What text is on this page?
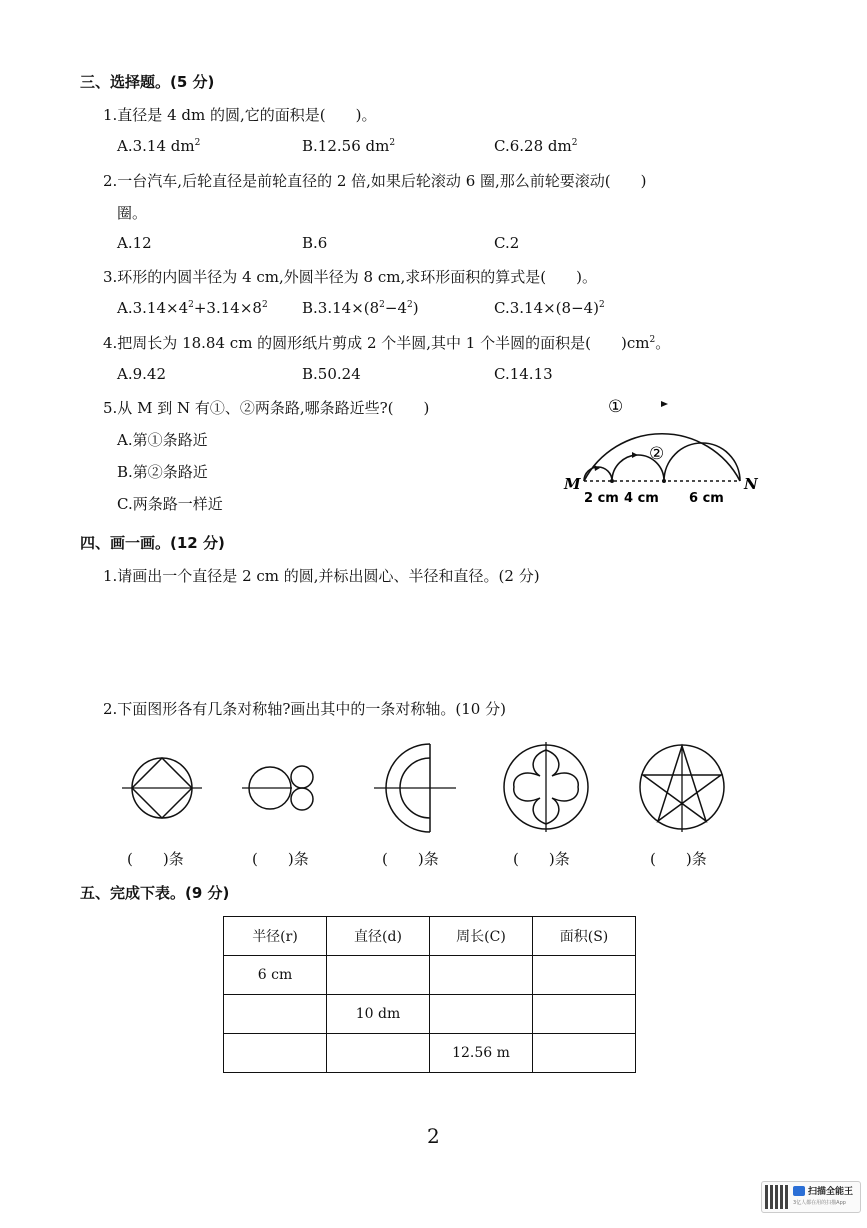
三、选择题。(5 分)
1.直径是 4 dm 的圆,它的面积是(　　)。
A.3.14 $dm^2$	B.12.56 $dm^2$	C.6.28 $dm^2$
2.一台汽车,后轮直径是前轮直径的 2 倍,如果后轮滚动 6 圈,那么前轮要滚动(　　)
圈。
A.12	B.6	C.2
3.环形的内圆半径为 4 cm,外圆半径为 8 cm,求环形面积的算式是(　　)。
$A.3.14\times 4^2+3.14\times 8^2$ $B.3.14\times(8^2-4^2)$	$C.3.14\times(8-4)^2$
4.把周长为 18.84 cm 的圆形纸片剪成 2 个半圆,其中 1 个半圆的面积是(　　)$cm^2$。
A.9.42	B.50.24	C.14.13
5.从 M 到 N 有①、②两条路,哪条路近些?(　　)
A.第①条路近
B.第②条路近
C.两条路一样近
①
②
M	N
2 cm 4 cm 6 cm
四、画一画。(12 分)
1.请画出一个直径是 2 cm 的圆,并标出圆心、半径和直径。(2 分)
2.下面图形各有几条对称轴?画出其中的一条对称轴。(10 分)
(　　)条	(　　)条	(　　)条	(　　)条	(　　)条
五、完成下表。(9 分)
半径(r)	直径(d)	周长(C)	面积(S)
6 cm			
	10 dm		
		12.56 m	
2
扫描全能王
3亿人都在用的扫描App
